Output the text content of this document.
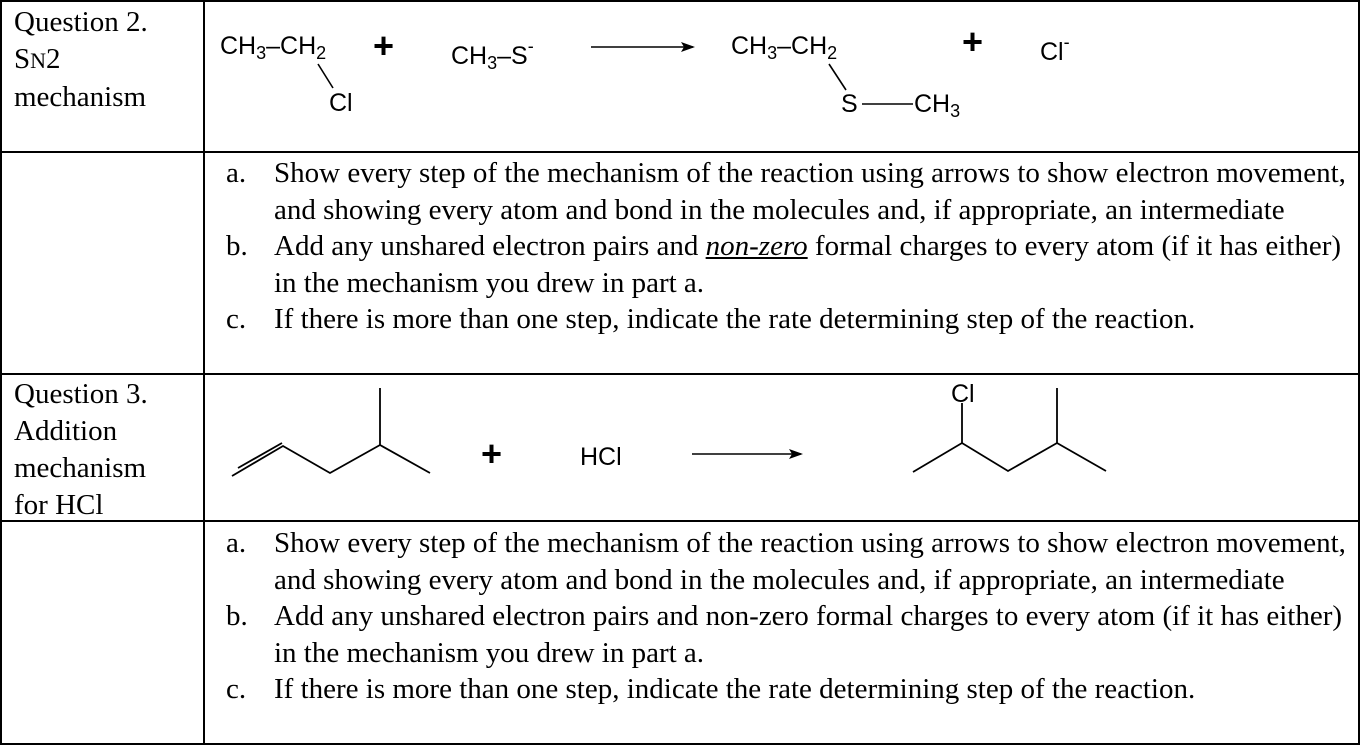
Question 2.
SN2
mechanism
$CH_3-CH_2$
Cl
+ $CH_3-S^-$	$CH_3-CH_2$
S $CH_3$
+ Cl-
a. Show every step of the mechanism of the reaction using arrows to show electron movement, and showing every atom and bond in the molecules and, if appropriate, an intermediate
b. Add any unshared electron pairs and non-zero formal charges to every atom (if it has either) in the mechanism you drew in part a.
c. If there is more than one step, indicate the rate determining step of the reaction.
Question 3.
Addition
mechanism
for HCl
+	HCl
Cl
a. Show every step of the mechanism of the reaction using arrows to show electron movement, and showing every atom and bond in the molecules and, if appropriate, an intermediate
b. Add any unshared electron pairs and non-zero formal charges to every atom (if it has either) in the mechanism you drew in part a.
c. If there is more than one step, indicate the rate determining step of the reaction.
